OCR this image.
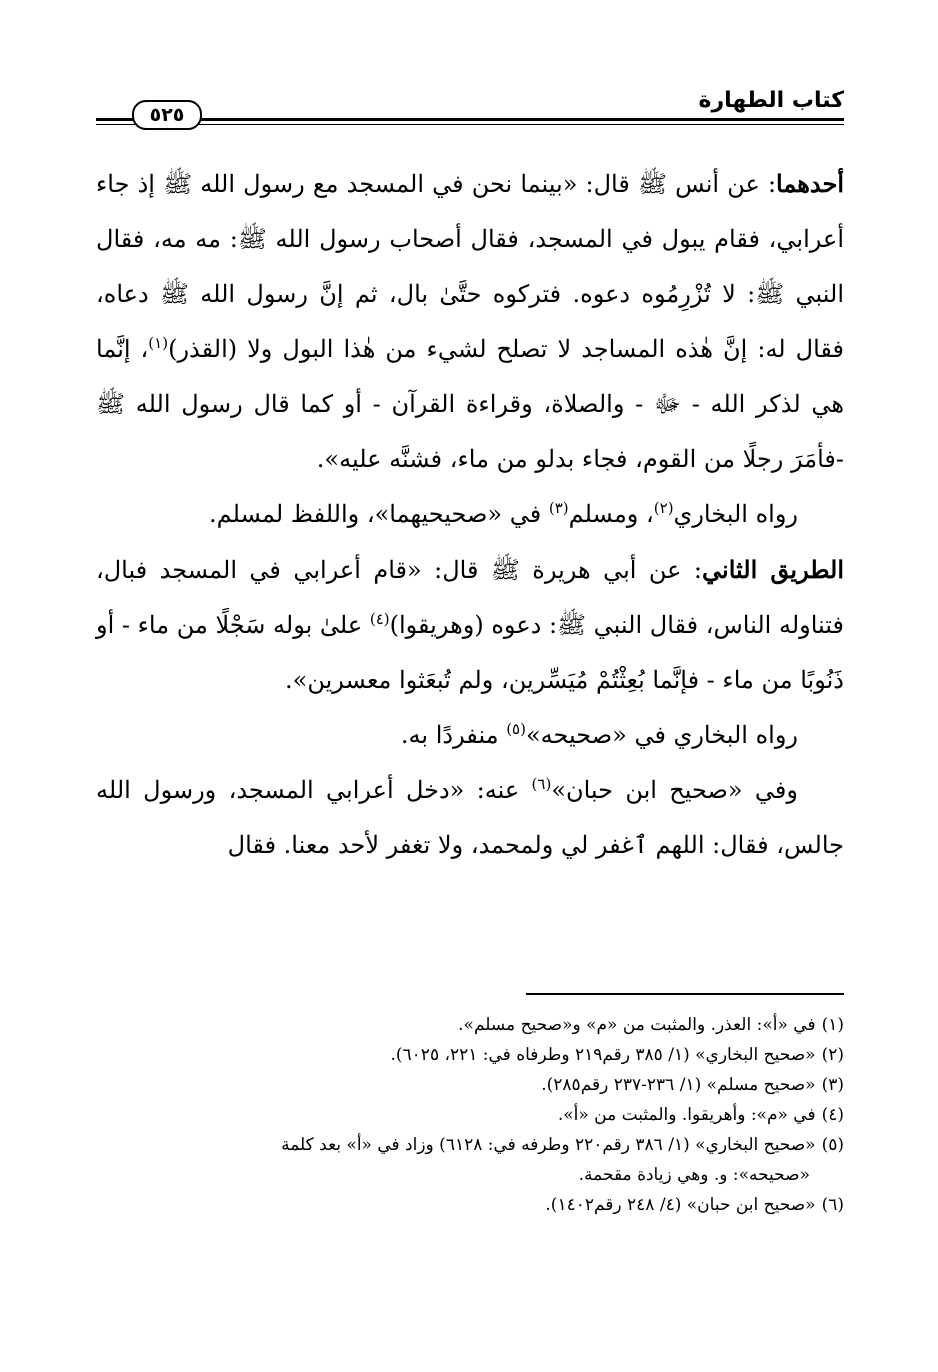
كتاب الطهارة
٥٢٥

أحدهما: عن أنس ﷺ قال: «بينما نحن في المسجد مع رسول الله ﷺ إذ جاء أعرابي، فقام يبول في المسجد، فقال أصحاب رسول الله ﷺ: مه مه، فقال النبي ﷺ: لا تُزْرِمُوه دعوه. فتركوه حتَّىٰ بال، ثم إنَّ رسول الله ﷺ دعاه، فقال له: إنَّ هٰذه المساجد لا تصلح لشيء من هٰذا البول ولا (القذر)$^{(١)}$، إنَّما هي لذكر الله - ﷻ - والصلاة، وقراءة القرآن - أو كما قال رسول الله ﷺ -فأمَرَ رجلًا من القوم، فجاء بدلو من ماء، فشنَّه عليه».

رواه البخاري$^{(٢)}$، ومسلم$^{(٣)}$ في «صحيحيهما»، واللفظ لمسلم.

الطريق الثاني: عن أبي هريرة ﷺ قال: «قام أعرابي في المسجد فبال، فتناوله الناس، فقال النبي ﷺ: دعوه (وهريقوا)$^{(٤)}$ علىٰ بوله سَجْلًا من ماء - أو ذَنُوبًا من ماء - فإنَّما بُعِثْتُمْ مُيَسِّرين، ولم تُبعَثوا معسرين».

رواه البخاري في «صحيحه»$^{(٥)}$ منفردًا به.

وفي «صحيح ابن حبان»$^{(٦)}$ عنه: «دخل أعرابي المسجد، ورسول الله جالس، فقال: اللهم ٱغفر لي ولمحمد، ولا تغفر لأحد معنا. فقال

(١)في «أ»: العذر. والمثبت من «م» و«صحيح مسلم».

(٢)«صحيح البخاري» (١/ ٣٨٥ رقم٢١٩ وطرفاه في: ٢٢١، ٦٠٢٥).

(٣)«صحيح مسلم» (١/ ٢٣٦-٢٣٧ رقم٢٨٥).

(٤)في «م»: وأهريقوا. والمثبت من «أ».

(٥)«صحيح البخاري» (١/ ٣٨٦ رقم٢٢٠ وطرفه في: ٦١٢٨) وزاد في «أ» بعد كلمة

«صحيحه»: و. وهي زيادة مقحمة.

(٦)«صحيح ابن حبان» (٤/ ٢٤٨ رقم١٤٠٢).
